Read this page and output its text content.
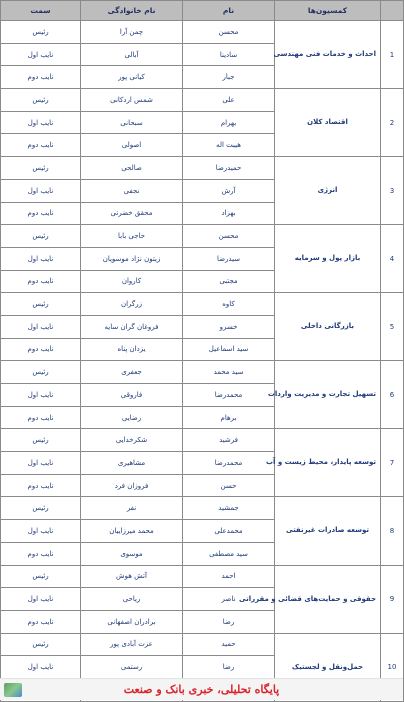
سمت	نام خانوادگی	نام	کمسیون‌ها	
رئیس	چمن آرا	محسن	احداث و خدمات فنی مهندسی	1
نایب اول	آبالی	سادینا		
نایب دوم	کیانی پور	جبار		
رئیس	شمس اردکانی	علی	اقتصاد کلان	2
نایب اول	سبحانی	بهرام		
نایب دوم	اصولی	هیبت اله		
رئیس	صالحی	حمیدرضا	انرژی	3
نایب اول	نجفی	آرش		
نایب دوم	محقق خضرتی	بهزاد		
رئیس	حاجی بابا	محسن	بازار پول و سرمایه	4
نایب اول	زیتون نژاد موسویان	سیدرضا		
نایب دوم	کاروان	مجتبی		
رئیس	زرگران	کاوه	بازرگانی داخلی	5
نایب اول	فروغان گران سایه	خسرو		
نایب دوم	یزدان پناه	سید اسماعیل		
رئیس	جعفری	سید محمد	تسهیل تجارت و مدیریت واردات	6
نایب اول	فاروقی	محمدرضا		
نایب دوم	رضایی	برهام		
رئیس	شکرخدایی	فرشید	توسعه پایدار، محیط زیست و آب	7
نایب اول	مشاهیری	محمدرضا		
نایب دوم	فروزان فرد	حسن		
رئیس	نفر	جمشید	توسعه صادرات غیرنفتی	8
نایب اول	محمد میرزاییان	محمدعلی		
نایب دوم	موسوی	سید مصطفی		
رئیس	آتش هوش	احمد	حقوقی و حمایت‌های قضائی و مقرراتی	9
نایب اول	ریاحی	ناصر		
نایب دوم	برادران اصفهانی	رضا		
رئیس	عزت آبادی پور	حمید	حمل‌ونقل و لجستیک	10
نایب اول	رستمی	رضا		

پایگاه تحلیلی، خبری بانک و صنعت
